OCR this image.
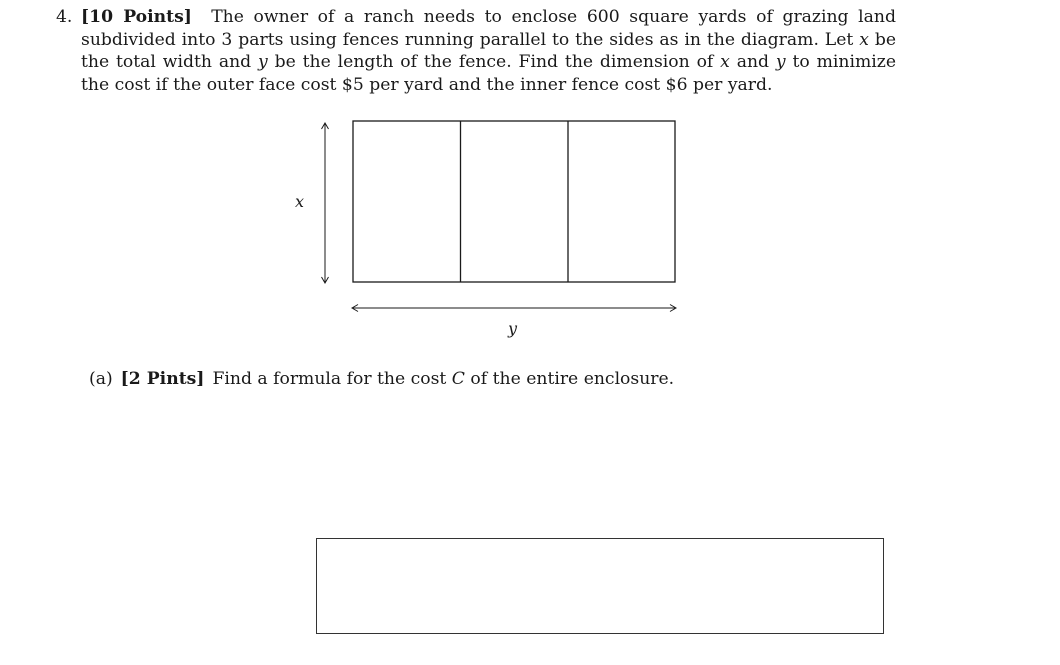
4. [10 Points] The owner of a ranch needs to enclose 600 square yards of grazing land subdivided into 3 parts using fences running parallel to the sides as in the diagram. Let x be the total width and y be the length of the fence. Find the dimension of x and y to minimize the cost if the outer face cost $5 per yard and the inner fence cost $6 per yard.
x
y
(a) [2 Pints] Find a formula for the cost C of the entire enclosure.
